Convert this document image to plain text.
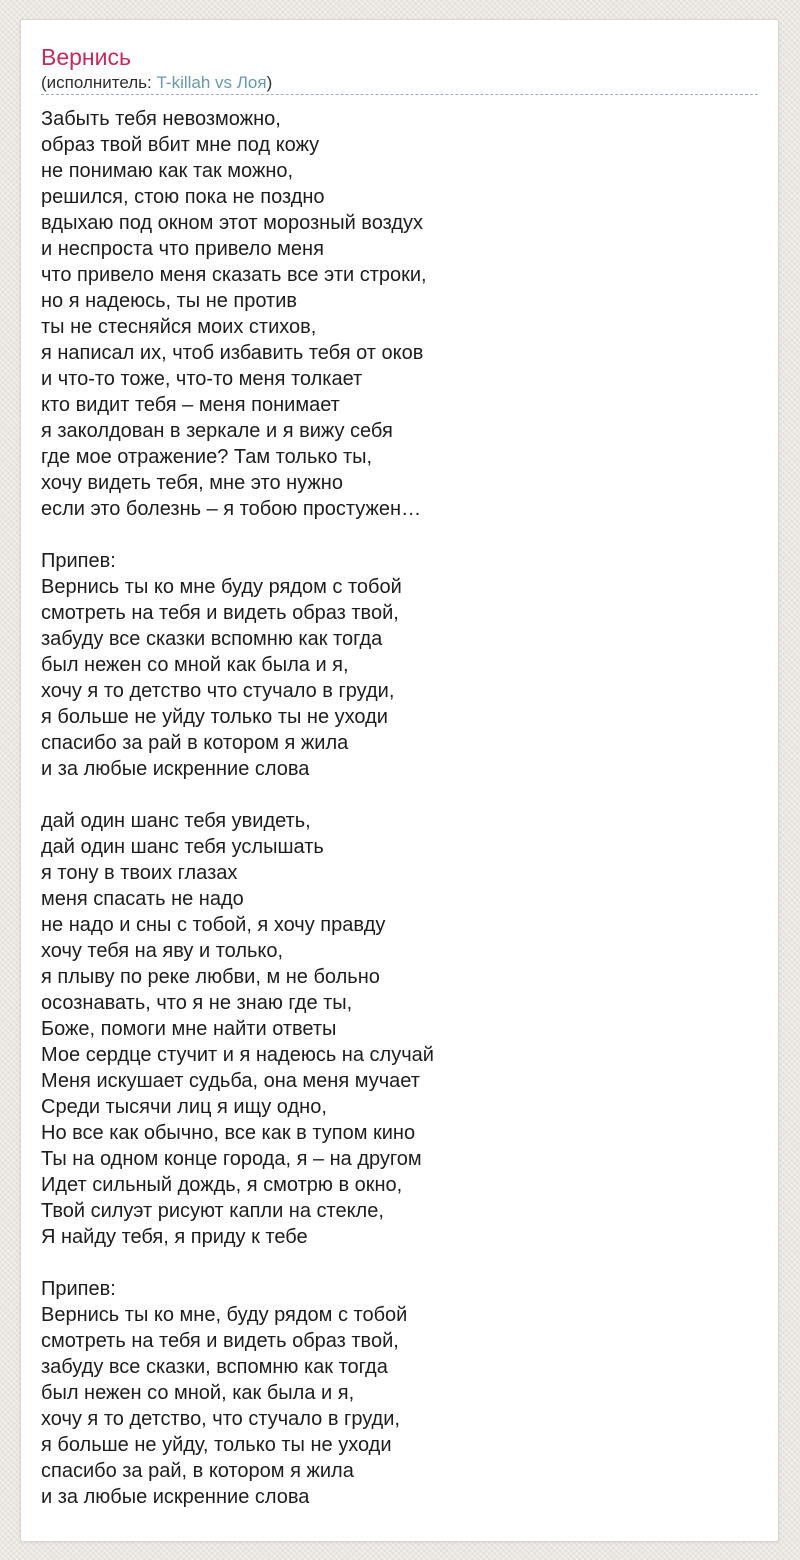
Вернись
(исполнитель: T-killah vs Лоя)
Забыть тебя невозможно,
образ твой вбит мне под кожу
не понимаю как так можно,
решился, стою пока не поздно
вдыхаю под окном этот морозный воздух
и неспроста что привело меня
что привело меня сказать все эти строки,
но я надеюсь, ты не против
ты не стесняйся моих стихов,
я написал их, чтоб избавить тебя от оков
и что-то тоже, что-то меня толкает
кто видит тебя – меня понимает
я заколдован в зеркале и я вижу себя
где мое отражение? Там только ты,
хочу видеть тебя, мне это нужно
если это болезнь – я тобою простужен…
Припев:
Вернись ты ко мне буду рядом с тобой
смотреть на тебя и видеть образ твой,
забуду все сказки вспомню как тогда
был нежен со мной как была и я,
хочу я то детство что стучало в груди,
я больше не уйду только ты не уходи
спасибо за рай в котором я жила
и за любые искренние слова
дай один шанс тебя увидеть,
дай один шанс тебя услышать
я тону в твоих глазах
меня спасать не надо
не надо и сны с тобой, я хочу правду
хочу тебя на яву и только,
я плыву по реке любви, м не больно
осознавать, что я не знаю где ты,
Боже, помоги мне найти ответы
Мое сердце стучит и я надеюсь на случай
Меня искушает судьба, она меня мучает
Среди тысячи лиц я ищу одно,
Но все как обычно, все как в тупом кино
Ты на одном конце города, я – на другом
Идет сильный дождь, я смотрю в окно,
Твой силуэт рисуют капли на стекле,
Я найду тебя, я приду к тебе
Припев:
Вернись ты ко мне, буду рядом с тобой
смотреть на тебя и видеть образ твой,
забуду все сказки, вспомню как тогда
был нежен со мной, как была и я,
хочу я то детство, что стучало в груди,
я больше не уйду, только ты не уходи
спасибо за рай, в котором я жила
и за любые искренние слова
